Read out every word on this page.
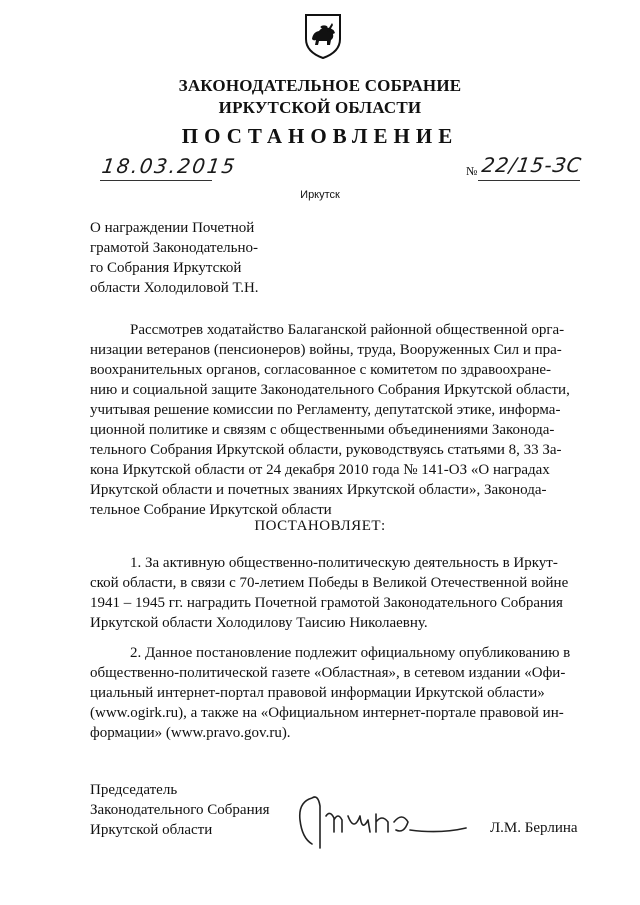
ЗАКОНОДАТЕЛЬНОЕ СОБРАНИЕ
ИРКУТСКОЙ ОБЛАСТИ
ПОСТАНОВЛЕНИЕ
18.03.2015	№ 22/15-ЗС
Иркутск
О награждении Почетной
грамотой Законодательно-
го Собрания Иркутской
области Холодиловой Т.Н.
Рассмотрев ходатайство Балаганской районной общественной орга-
низации ветеранов (пенсионеров) войны, труда, Вооруженных Сил и пра-
воохранительных органов, согласованное с комитетом по здравоохране-
нию и социальной защите Законодательного Собрания Иркутской области,
учитывая решение комиссии по Регламенту, депутатской этике, информа-
ционной политике и связям с общественными объединениями Законода-
тельного Собрания Иркутской области, руководствуясь статьями 8, 33 За-
кона Иркутской области от 24 декабря 2010 года № 141-ОЗ «О наградах
Иркутской области и почетных званиях Иркутской области», Законода-
тельное Собрание Иркутской области
ПОСТАНОВЛЯЕТ:
1. За активную общественно-политическую деятельность в Иркут-
ской области, в связи с 70-летием Победы в Великой Отечественной войне
1941 – 1945 гг. наградить Почетной грамотой Законодательного Собрания
Иркутской области Холодилову Таисию Николаевну.
2. Данное постановление подлежит официальному опубликованию в
общественно-политической газете «Областная», в сетевом издании «Офи-
циальный интернет-портал правовой информации Иркутской области»
(www.ogirk.ru), а также на «Официальном интернет-портале правовой ин-
формации» (www.pravo.gov.ru).
Председатель
Законодательного Собрания
Иркутской области	Л.М. Берлина
